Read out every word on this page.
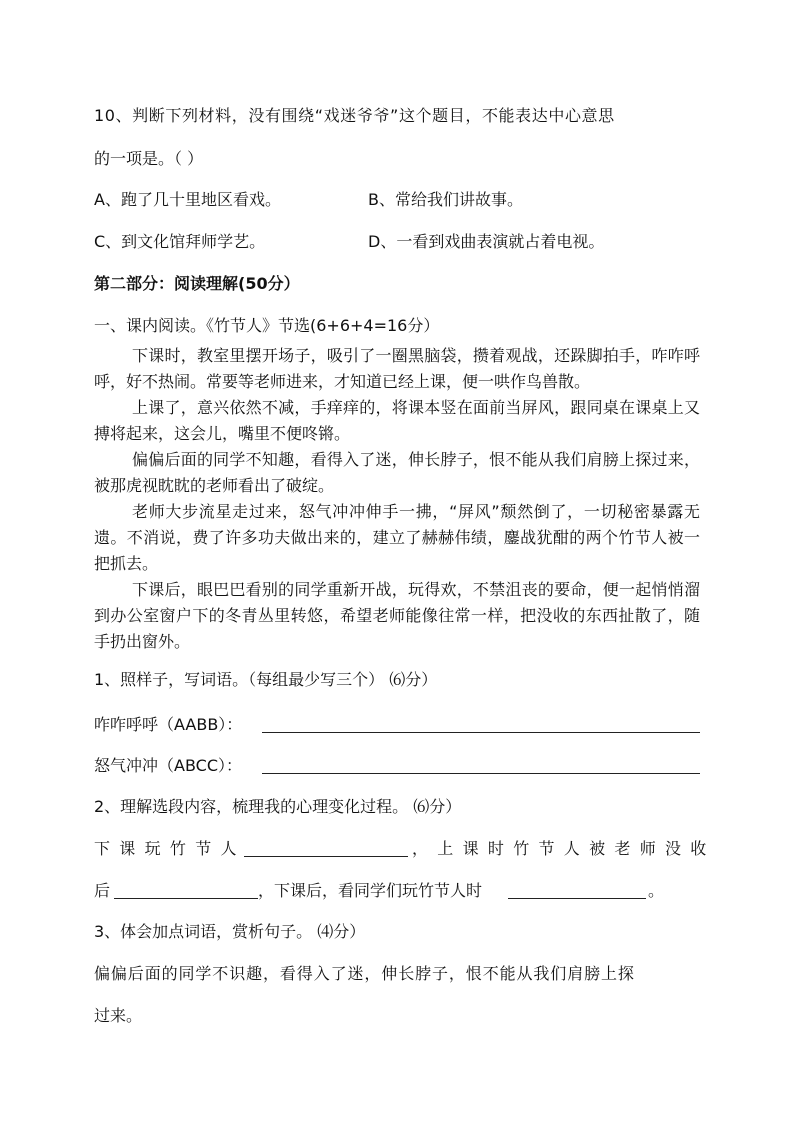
10、判断下列材料，没有围绕“戏迷爷爷”这个题目，不能表达中心意思
的一项是。（ ）
A、跑了几十里地区看戏。	B、常给我们讲故事。
C、到文化馆拜师学艺。	D、一看到戏曲表演就占着电视。
第二部分：阅读理解(50分）
一、课内阅读。《竹节人》节选(6+6+4=16分）

下课时，教室里摆开场子，吸引了一圈黑脑袋，攒着观战，还跺脚拍手，咋咋呼呼，好不热闹。常要等老师进来，才知道已经上课，便一哄作鸟兽散。

上课了，意兴依然不减，手痒痒的，将课本竖在面前当屏风，跟同桌在课桌上又搏将起来，这会儿，嘴里不便咚锵。

偏偏后面的同学不知趣，看得入了迷，伸长脖子，恨不能从我们肩膀上探过来，被那虎视眈眈的老师看出了破绽。

老师大步流星走过来，怒气冲冲伸手一拂，“屏风”颓然倒了，一切秘密暴露无遗。不消说，费了许多功夫做出来的，建立了赫赫伟绩，鏖战犹酣的两个竹节人被一把抓去。

下课后，眼巴巴看别的同学重新开战，玩得欢，不禁沮丧的要命，便一起悄悄溜到办公室窗户下的冬青丛里转悠，希望老师能像往常一样，把没收的东西扯散了，随手扔出窗外。

1、照样子，写词语。（每组最少写三个） ⑹分）
咋咋呼呼（AABB）：
怒气冲冲（ABCC）：
2、理解选段内容，梳理我的心理变化过程。 ⑹分）
下课玩竹节人	，上课时竹节人被老师没收
后	，下课后，看同学们玩竹节人时	。
3、体会加点词语，赏析句子。 ⑷分）
偏偏后面的同学不识趣，看得入了迷，伸长脖子，恨不能从我们肩膀上探
过来。
